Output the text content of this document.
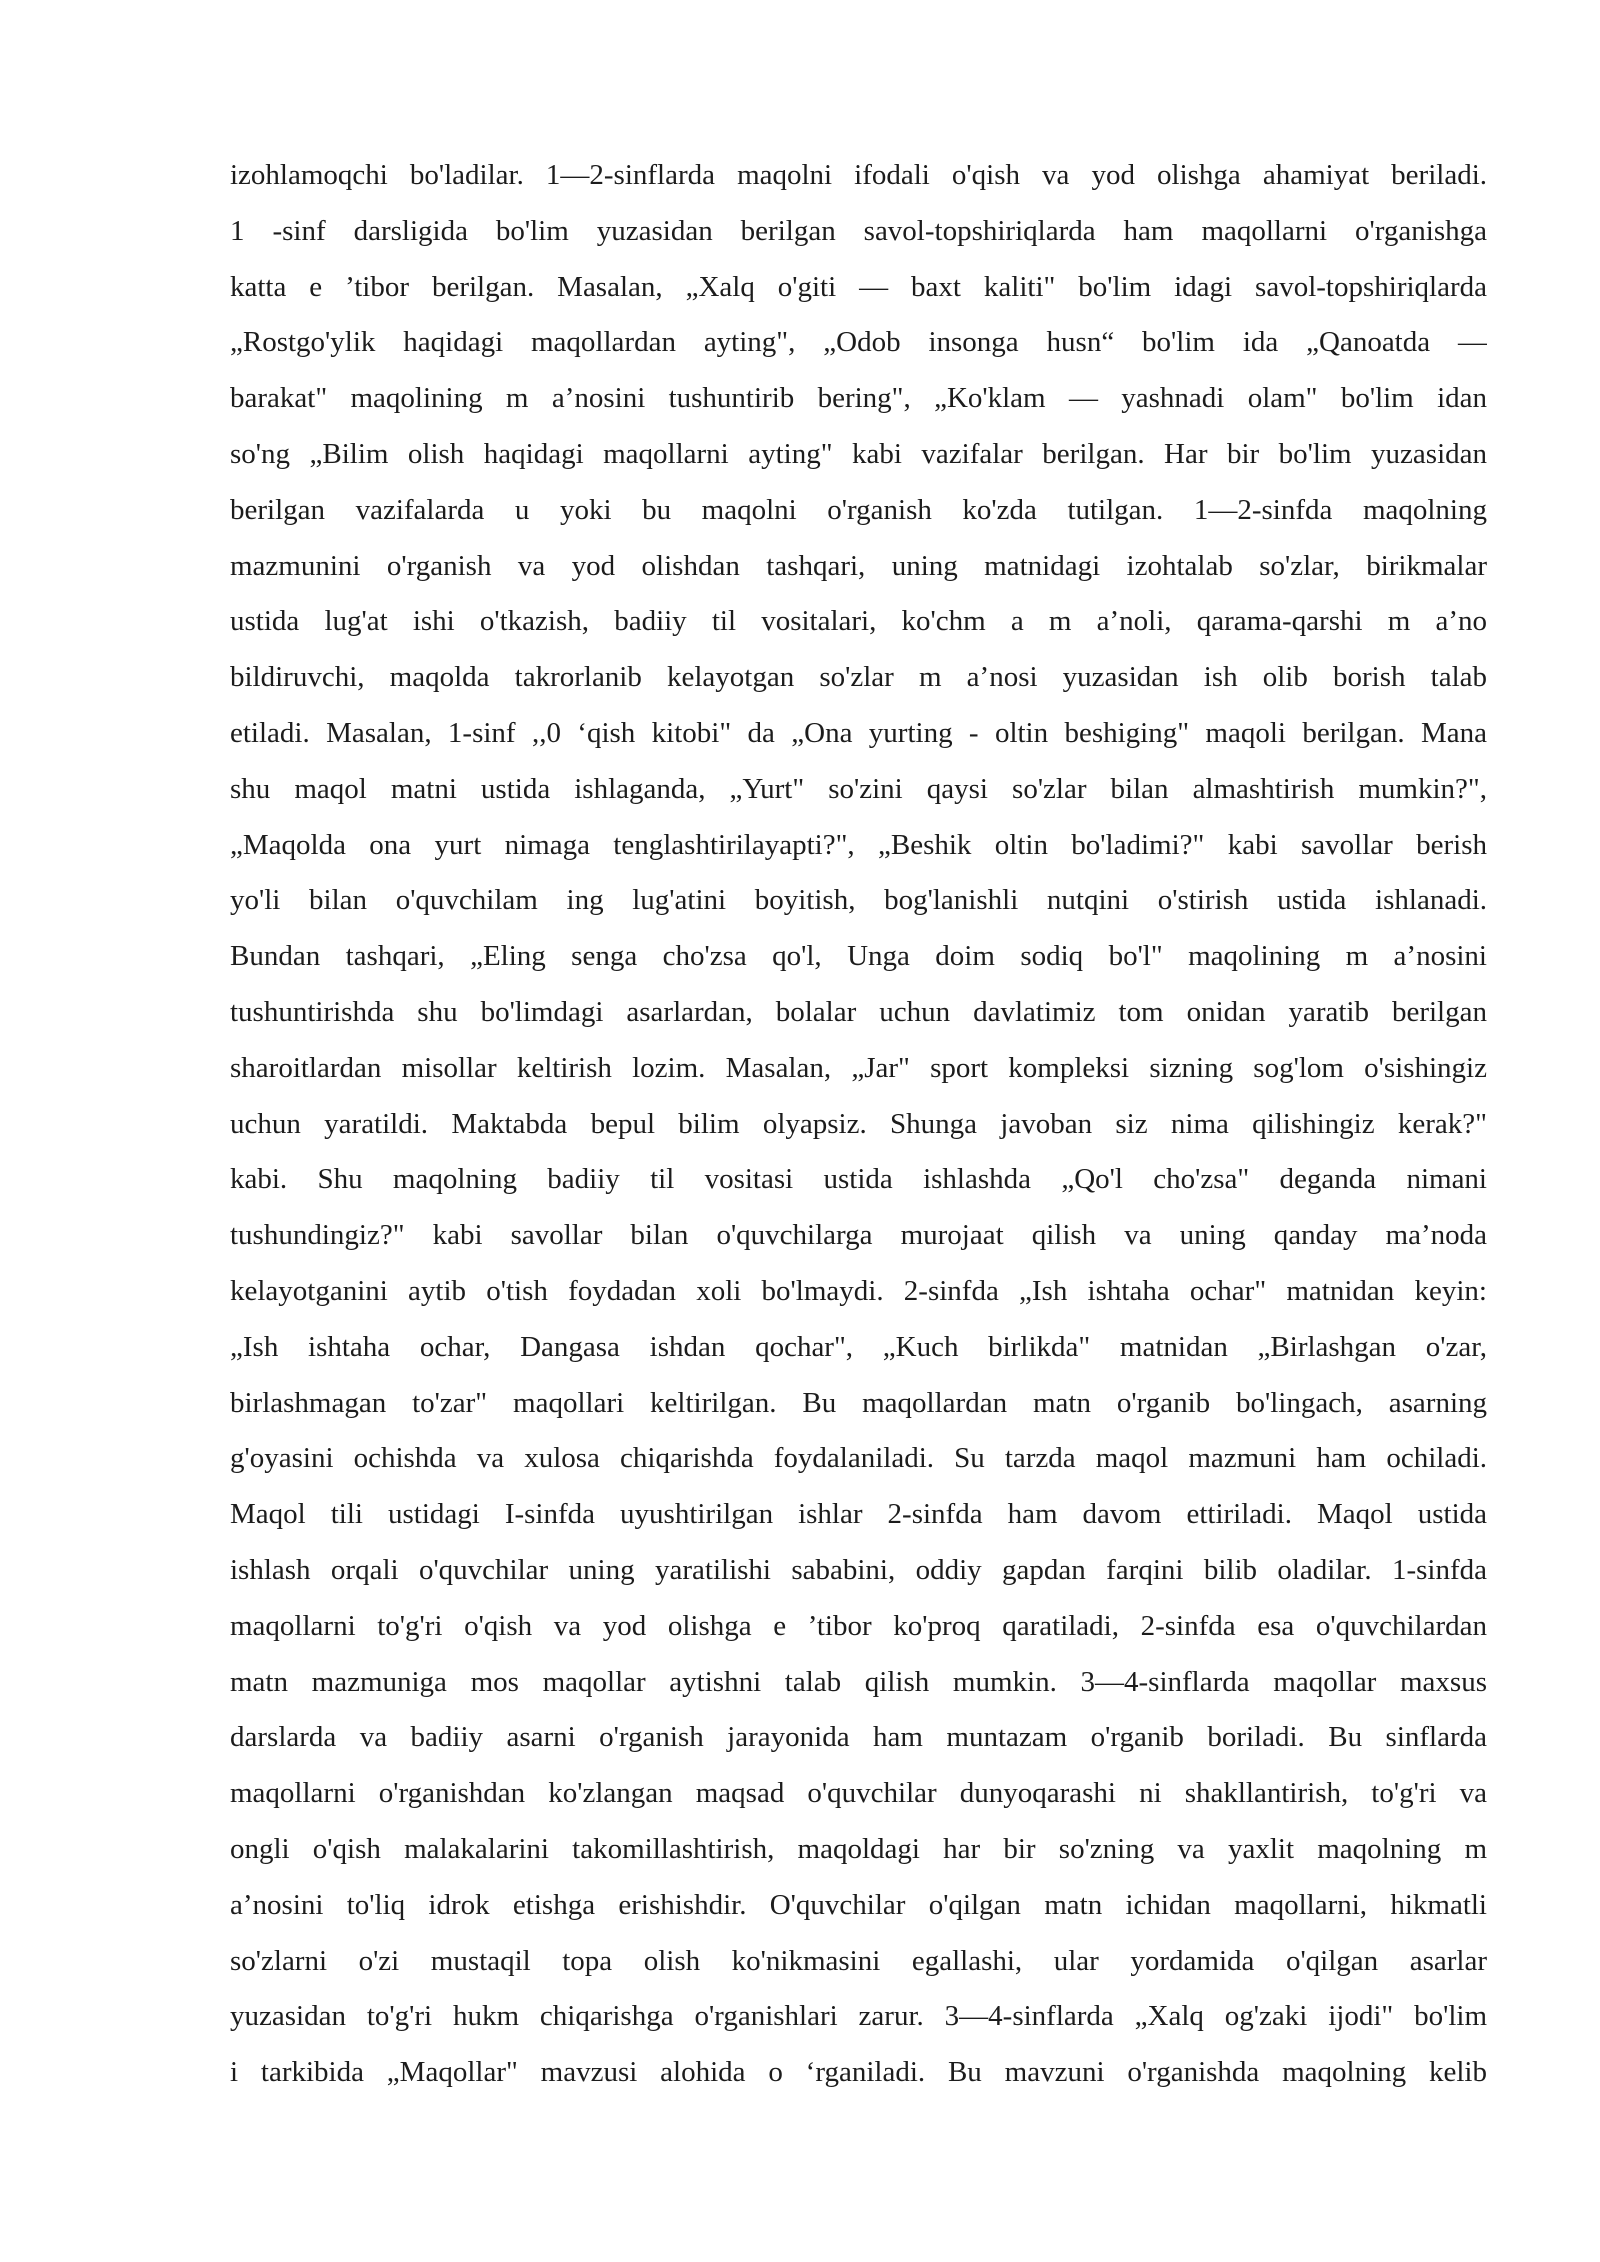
izohlamoqchi bo'ladilar. 1—2-sinflarda maqolni ifodali o'qish va yod olishga ahamiyat beriladi.
1 -sinf darsligida bo'lim yuzasidan berilgan savol-topshiriqlarda ham maqollarni o'rganishga
katta e ’tibor berilgan. Masalan, „Xalq o'giti — baxt kaliti" bo'lim idagi savol-topshiriqlarda
„Rostgo'ylik haqidagi maqollardan ayting", „Odob insonga husn“ bo'lim ida „Qanoatda —
barakat" maqolining m a’nosini tushuntirib bering", „Ko'klam — yashnadi olam" bo'lim idan
so'ng „Bilim olish haqidagi maqollarni ayting" kabi vazifalar berilgan. Har bir bo'lim yuzasidan
berilgan vazifalarda u yoki bu maqolni o'rganish ko'zda tutilgan. 1—2-sinfda maqolning
mazmunini o'rganish va yod olishdan tashqari, uning matnidagi izohtalab so'zlar, birikmalar
ustida lug'at ishi o'tkazish, badiiy til vositalari, ko'chm a m a’noli, qarama-qarshi m a’no
bildiruvchi, maqolda takrorlanib kelayotgan so'zlar m a’nosi yuzasidan ish olib borish talab
etiladi. Masalan, 1-sinf ,,0 ‘qish kitobi" da „Ona yurting - oltin beshiging" maqoli berilgan. Mana
shu maqol matni ustida ishlaganda, „Yurt" so'zini qaysi so'zlar bilan almashtirish mumkin?",
„Maqolda ona yurt nimaga tenglashtirilayapti?", „Beshik oltin bo'ladimi?" kabi savollar berish
yo'li bilan o'quvchilam ing lug'atini boyitish, bog'lanishli nutqini o'stirish ustida ishlanadi.
Bundan tashqari, „Eling senga cho'zsa qo'l, Unga doim sodiq bo'l" maqolining m a’nosini
tushuntirishda shu bo'limdagi asarlardan, bolalar uchun davlatimiz tom onidan yaratib berilgan
sharoitlardan misollar keltirish lozim. Masalan, „Jar" sport kompleksi sizning sog'lom o'sishingiz
uchun yaratildi. Maktabda bepul bilim olyapsiz. Shunga javoban siz nima qilishingiz kerak?"
kabi. Shu maqolning badiiy til vositasi ustida ishlashda „Qo'l cho'zsa" deganda nimani
tushundingiz?" kabi savollar bilan o'quvchilarga murojaat qilish va uning qanday ma’noda
kelayotganini aytib o'tish foydadan xoli bo'lmaydi. 2-sinfda „Ish ishtaha ochar" matnidan keyin:
„Ish ishtaha ochar, Dangasa ishdan qochar", „Kuch birlikda" matnidan „Birlashgan o'zar,
birlashmagan to'zar" maqollari keltirilgan. Bu maqollardan matn o'rganib bo'lingach, asarning
g'oyasini ochishda va xulosa chiqarishda foydalaniladi. Su tarzda maqol mazmuni ham ochiladi.
Maqol tili ustidagi I-sinfda uyushtirilgan ishlar 2-sinfda ham davom ettiriladi. Maqol ustida
ishlash orqali o'quvchilar uning yaratilishi sababini, oddiy gapdan farqini bilib oladilar. 1-sinfda
maqollarni to'g'ri o'qish va yod olishga e ’tibor ko'proq qaratiladi, 2-sinfda esa o'quvchilardan
matn mazmuniga mos maqollar aytishni talab qilish mumkin. 3—4-sinflarda maqollar maxsus
darslarda va badiiy asarni o'rganish jarayonida ham muntazam o'rganib boriladi. Bu sinflarda
maqollarni o'rganishdan ko'zlangan maqsad o'quvchilar dunyoqarashi ni shakllantirish, to'g'ri va
ongli o'qish malakalarini takomillashtirish, maqoldagi har bir so'zning va yaxlit maqolning m
a’nosini to'liq idrok etishga erishishdir. O'quvchilar o'qilgan matn ichidan maqollarni, hikmatli
so'zlarni o'zi mustaqil topa olish ko'nikmasini egallashi, ular yordamida o'qilgan asarlar
yuzasidan to'g'ri hukm chiqarishga o'rganishlari zarur. 3—4-sinflarda „Xalq og'zaki ijodi" bo'lim
i tarkibida „Maqollar" mavzusi alohida o ‘rganiladi. Bu mavzuni o'rganishda maqolning kelib
